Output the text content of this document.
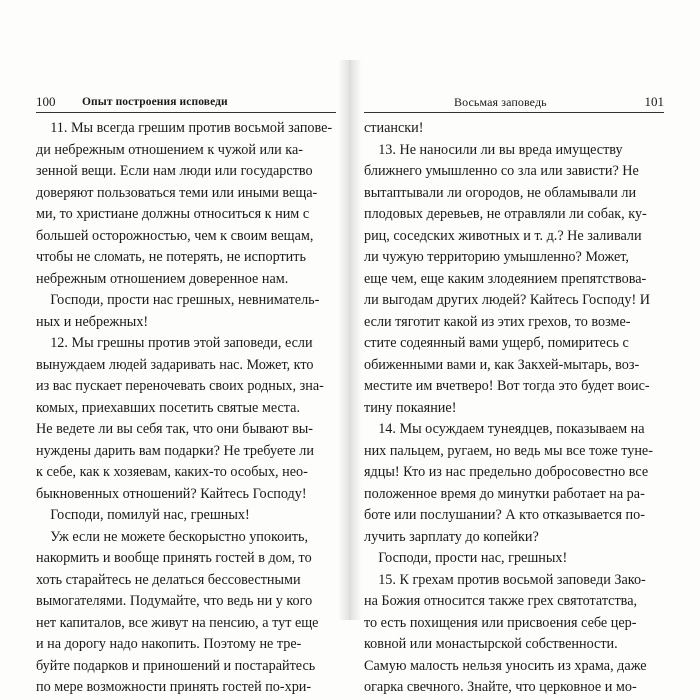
100 Опыт построения исповеди
11. Мы всегда грешим против восьмой запове-
ди небрежным отношением к чужой или ка-
зенной вещи. Если нам люди или государство
доверяют пользоваться теми или иными веща-
ми, то христиане должны относиться к ним с
большей осторожностью, чем к своим вещам,
чтобы не сломать, не потерять, не испортить
небрежным отношением доверенное нам.
Господи, прости нас грешных, невниматель-
ных и небрежных!
12. Мы грешны против этой заповеди, если
вынуждаем людей задаривать нас. Может, кто
из вас пускает переночевать своих родных, зна-
комых, приехавших посетить святые места.
Не ведете ли вы себя так, что они бывают вы-
нуждены дарить вам подарки? Не требуете ли
к себе, как к хозяевам, каких-то особых, нео-
быкновенных отношений? Кайтесь Господу!
Господи, помилуй нас, грешных!
Уж если не можете бескорыстно упокоить,
накормить и вообще принять гостей в дом, то
хоть старайтесь не делаться бессовестными
вымогателями. Подумайте, что ведь ни у кого
нет капиталов, все живут на пенсию, а тут еще
и на дорогу надо накопить. Поэтому не тре-
буйте подарков и приношений и постарайтесь
по мере возможности принять гостей по-хри-
Восьмая заповедь	101
стиански!
13. Не наносили ли вы вреда имуществу
ближнего умышленно со зла или зависти? Не
вытаптывали ли огородов, не обламывали ли
плодовых деревьев, не отравляли ли собак, ку-
риц, соседских животных и т. д.? Не заливали
ли чужую территорию умышленно? Может,
еще чем, еще каким злодеянием препятствова-
ли выгодам других людей? Кайтесь Господу! И
если тяготит какой из этих грехов, то возме-
стите содеянный вами ущерб, помиритесь с
обиженными вами и, как Закхей-мытарь, воз-
местите им вчетверо! Вот тогда это будет воис-
тину покаяние!
14. Мы осуждаем тунеядцев, показываем на
них пальцем, ругаем, но ведь мы все тоже туне-
ядцы! Кто из нас предельно добросовестно все
положенное время до минутки работает на ра-
боте или послушании? А кто отказывается по-
лучить зарплату до копейки?
Господи, прости нас, грешных!
15. К грехам против восьмой заповеди Зако-
на Божия относится также грех святотатства,
то есть похищения или присвоения себе цер-
ковной или монастырской собственности.
Самую малость нельзя уносить из храма, даже
огарка свечного. Знайте, что церковное и мо-
